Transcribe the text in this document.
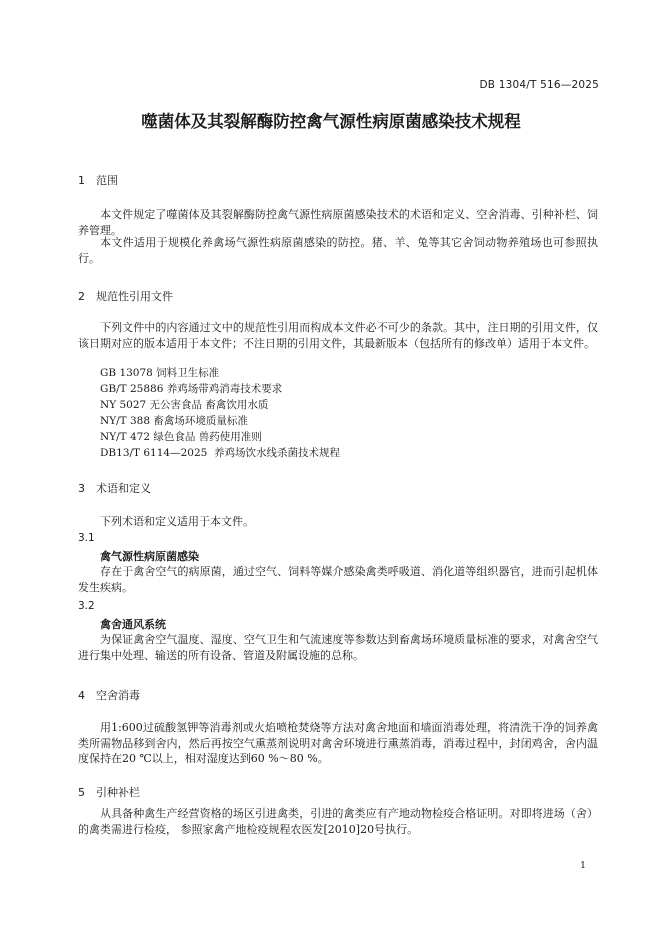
DB 1304/T 516—2025
噬菌体及其裂解酶防控禽气源性病原菌感染技术规程
1 范围

本文件规定了噬菌体及其裂解酶防控禽气源性病原菌感染技术的术语和定义、空舍消毒、引种补栏、饲养管理。

本文件适用于规模化养禽场气源性病原菌感染的防控。猪、羊、兔等其它舍饲动物养殖场也可参照执行。

2 规范性引用文件

下列文件中的内容通过文中的规范性引用而构成本文件必不可少的条款。其中，注日期的引用文件，仅该日期对应的版本适用于本文件；不注日期的引用文件，其最新版本（包括所有的修改单）适用于本文件。

GB 13078 饲料卫生标准
GB/T 25886 养鸡场带鸡消毒技术要求
NY 5027 无公害食品 畜禽饮用水质
NY/T 388 畜禽场环境质量标准
NY/T 472 绿色食品 兽药使用准则
DB13/T 6114—2025  养鸡场饮水线杀菌技术规程
3 术语和定义

下列术语和定义适用于本文件。

3.1
禽气源性病原菌感染

存在于禽舍空气的病原菌，通过空气、饲料等媒介感染禽类呼吸道、消化道等组织器官，进而引起机体发生疾病。

3.2
禽舍通风系统

为保证禽舍空气温度、湿度、空气卫生和气流速度等参数达到畜禽场环境质量标准的要求，对禽舍空气进行集中处理、输送的所有设备、管道及附属设施的总称。

4 空舍消毒

用1:600过硫酸氢钾等消毒剂或火焰喷枪焚烧等方法对禽舍地面和墙面消毒处理，将清洗干净的饲养禽类所需物品移到舍内，然后再按空气熏蒸剂说明对禽舍环境进行熏蒸消毒，消毒过程中，封闭鸡舍，舍内温度保持在20 ℃以上，相对湿度达到60 %～80 %。

5 引种补栏

从具备种禽生产经营资格的场区引进禽类，引进的禽类应有产地动物检疫合格证明。对即将进场（舍）的禽类需进行检疫， 参照家禽产地检疫规程农医发[2010]20号执行。

1
